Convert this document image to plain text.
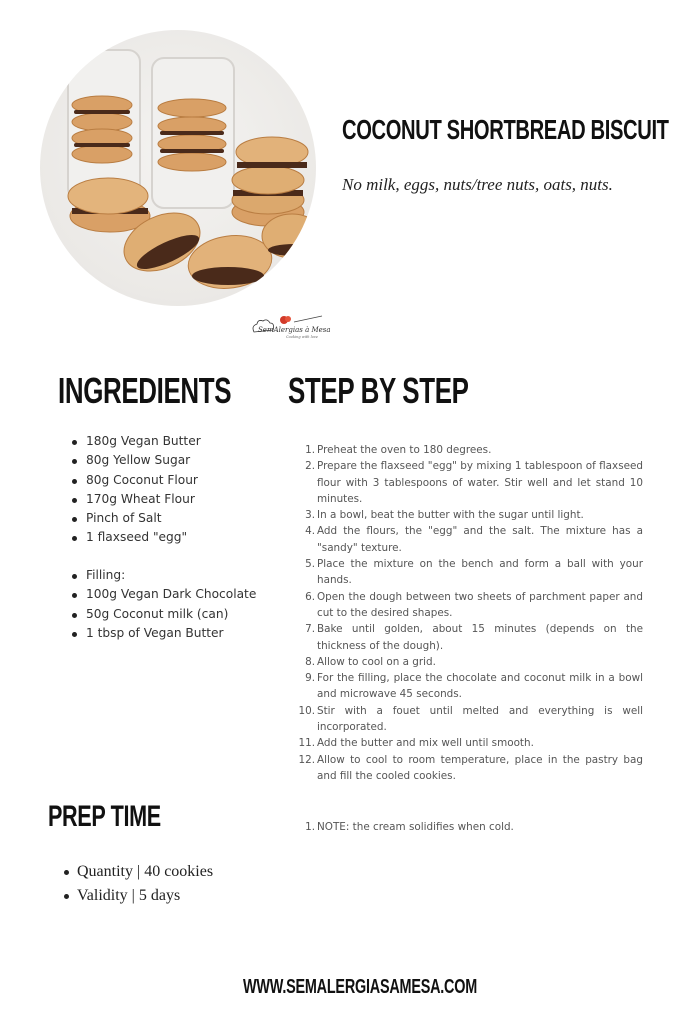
SemAlergias à Mesa
Cooking with love
COCONUT SHORTBREAD BISCUIT

No milk, eggs, nuts/tree nuts, oats, nuts.

INGREDIENTS STEP BY STEP
180g Vegan Butter
80g Yellow Sugar
80g Coconut Flour
170g Wheat Flour
Pinch of Salt
1 flaxseed "egg"
Filling:
100g Vegan Dark Chocolate
50g Coconut milk (can)
1 tbsp of Vegan Butter
1. Preheat the oven to 180 degrees.
2. Prepare the flaxseed "egg" by mixing 1 tablespoon of flaxseed flour with 3 tablespoons of water. Stir well and let stand 10 minutes.
3. In a bowl, beat the butter with the sugar until light.
4. Add the flours, the "egg" and the salt. The mixture has a "sandy" texture.
5. Place the mixture on the bench and form a ball with your hands.
6. Open the dough between two sheets of parchment paper and cut to the desired shapes.
7. Bake until golden, about 15 minutes (depends on the thickness of the dough).
8. Allow to cool on a grid.
9. For the filling, place the chocolate and coconut milk in a bowl and microwave 45 seconds.
10. Stir with a fouet until melted and everything is well incorporated.
11. Add the butter and mix well until smooth.
12. Allow to cool to room temperature, place in the pastry bag and fill the cooled cookies.
PREP TIME	1. NOTE: the cream solidifies when cold.
Quantity | 40 cookies
Validity | 5 days
WWW.SEMALERGIASAMESA.COM
